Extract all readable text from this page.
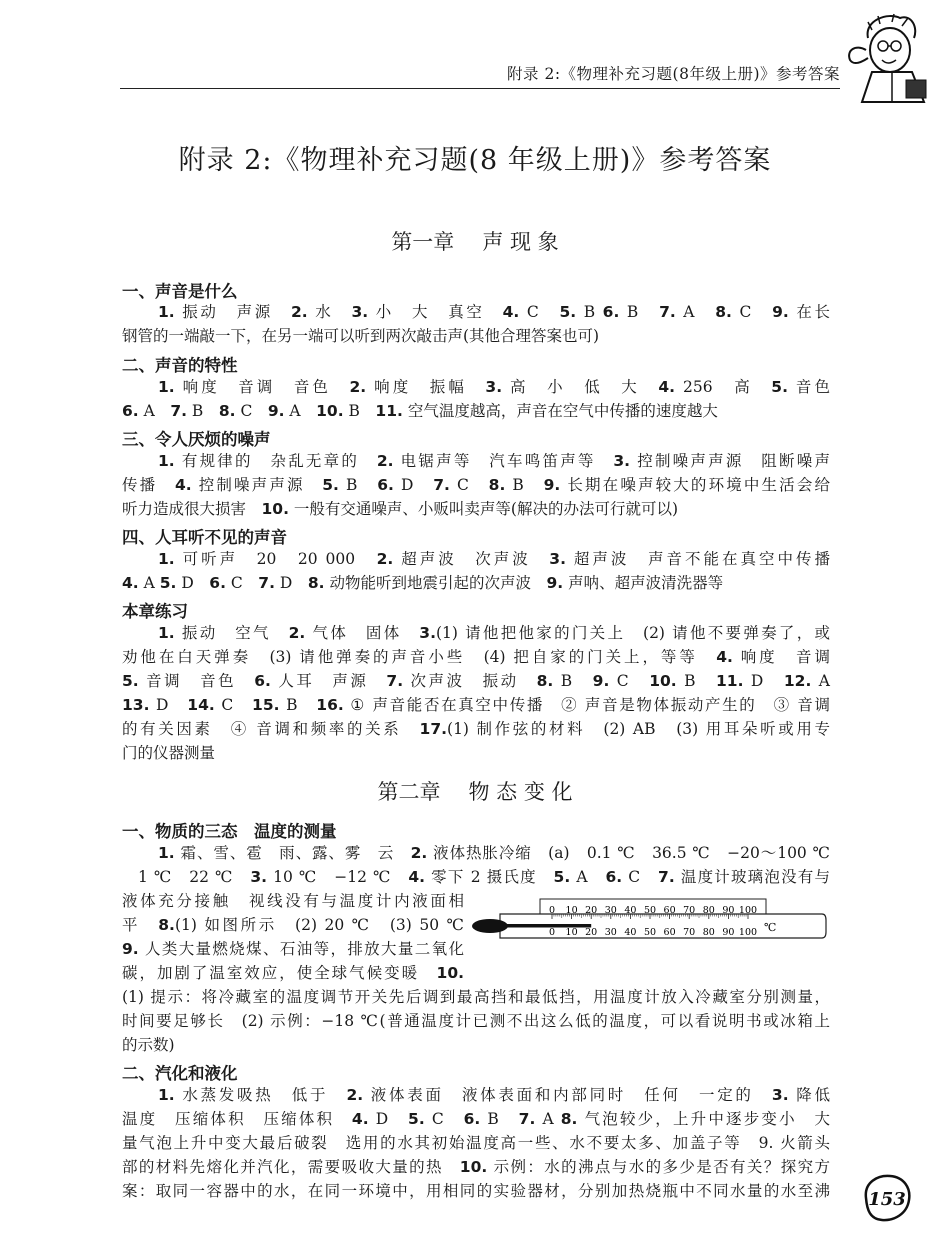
附录 2:《物理补充习题(8年级上册)》参考答案
附录 2:《物理补充习题(8 年级上册)》参考答案
第一章 声 现 象
一、声音是什么
1. 振动　声源　2. 水　3. 小　大　真空　4. C　5. B 6. B　7. A　8. C　9. 在长
钢管的一端敲一下，在另一端可以听到两次敲击声(其他合理答案也可)
二、声音的特性
1. 响度　音调　音色　2. 响度　振幅　3. 高　小　低　大　4. 256　高　5. 音色
6. A　7. B　8. C　9. A　10. B　11. 空气温度越高，声音在空气中传播的速度越大
三、令人厌烦的噪声
1. 有规律的　杂乱无章的　2. 电锯声等　汽车鸣笛声等　3. 控制噪声声源　阻断噪声
传播　4. 控制噪声声源　5. B　6. D　7. C　8. B　9. 长期在噪声较大的环境中生活会给
听力造成很大损害　10. 一般有交通噪声、小贩叫卖声等(解决的办法可行就可以)
四、人耳听不见的声音
1. 可听声　20　20 000　2. 超声波　次声波　3. 超声波　声音不能在真空中传播
4. A 5. D　6. C　7. D　8. 动物能听到地震引起的次声波　9. 声呐、超声波清洗器等
本章练习
1. 振动　空气　2. 气体　固体　3.(1) 请他把他家的门关上　(2) 请他不要弹奏了，或
劝他在白天弹奏　(3) 请他弹奏的声音小些　(4) 把自家的门关上，等等　4. 响度　音调
5. 音调　音色　6. 人耳　声源　7. 次声波　振动　8. B　9. C　10. B　11. D　12. A
13. D　14. C　15. B　16. ① 声音能否在真空中传播　② 声音是物体振动产生的　③ 音调
的有关因素　④ 音调和频率的关系　17.(1) 制作弦的材料　(2) AB　(3) 用耳朵听或用专
门的仪器测量
第二章 物 态 变 化
一、物质的三态　温度的测量
1. 霜、雪、雹　雨、露、雾　云　2. 液体热胀冷缩　(a)　0.1 ℃　36.5 ℃　−20～100 ℃
1 ℃　22 ℃　3. 10 ℃　−12 ℃　4. 零下 2 摄氏度　5. A　6. C　7. 温度计玻璃泡没有与
液体充分接触　视线没有与温度计内液面相
平　8.(1) 如图所示　(2) 20 ℃　(3) 50 ℃
9. 人类大量燃烧煤、石油等，排放大量二氧化
碳，加剧了温室效应，使全球气候变暖　10.
(1) 提示：将冷藏室的温度调节开关先后调到最高挡和最低挡，用温度计放入冷藏室分别测量，
时间要足够长　(2) 示例：−18 ℃(普通温度计已测不出这么低的温度，可以看说明书或冰箱上
的示数)
0
0
10
10
20
20
30
30
40
40
50
50
60
60
70
70
80
80
90
90
100
100 ℃
二、汽化和液化
1. 水蒸发吸热　低于　2. 液体表面　液体表面和内部同时　任何　一定的　3. 降低
温度　压缩体积　压缩体积　4. D　5. C　6. B　7. A 8. 气泡较少，上升中逐步变小　大
量气泡上升中变大最后破裂　选用的水其初始温度高一些、水不要太多、加盖子等　9. 火箭头
部的材料先熔化并汽化，需要吸收大量的热　10. 示例：水的沸点与水的多少是否有关？探究方
案：取同一容器中的水，在同一环境中，用相同的实验器材，分别加热烧瓶中不同水量的水至沸 153
